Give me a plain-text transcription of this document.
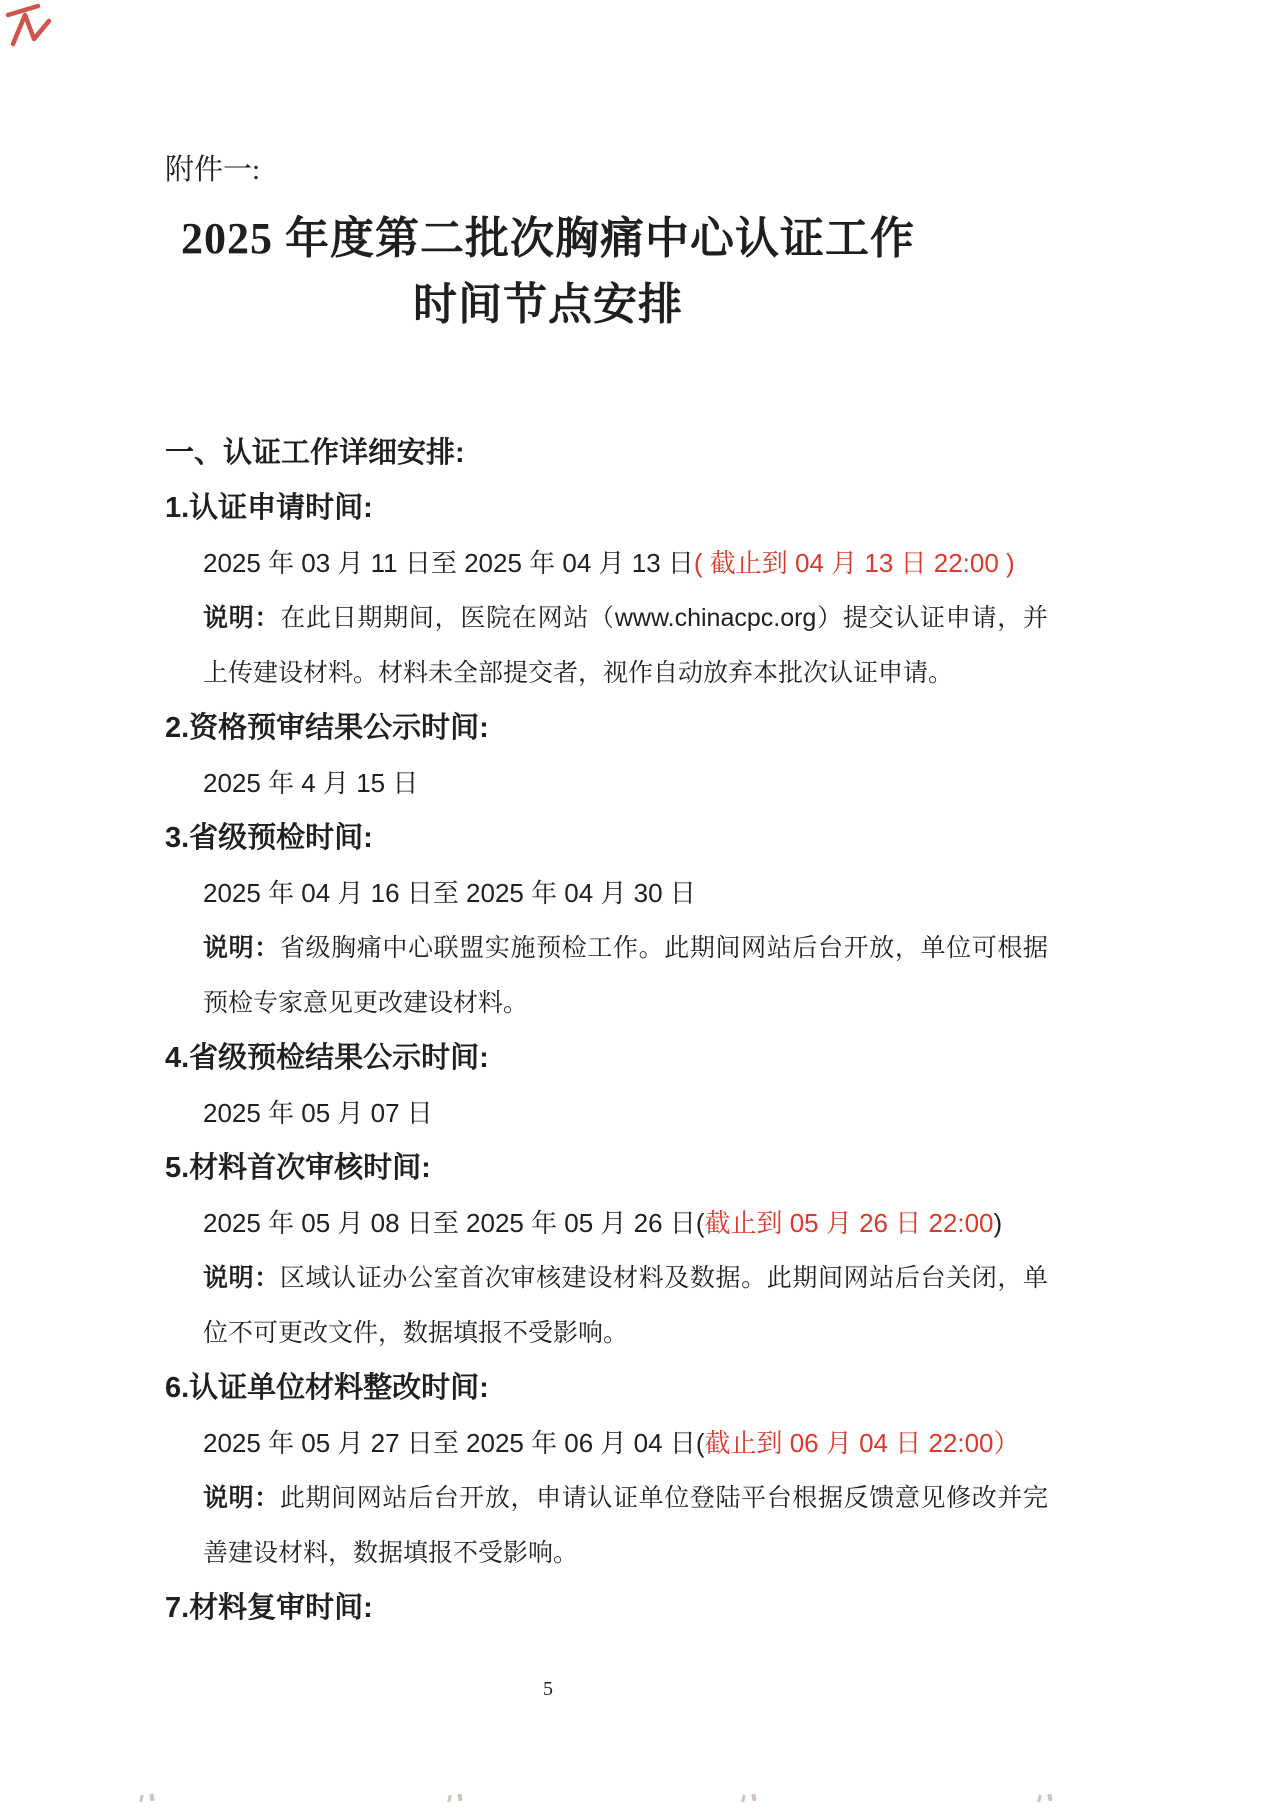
附件一:
2025 年度第二批次胸痛中心认证工作
时间节点安排
一、认证工作详细安排:
1.认证申请时间:
2025 年 03 月 11 日至 2025 年 04 月 13 日( 截止到 04 月 13 日 22:00 )

说明：在此日期期间，医院在网站（www.chinacpc.org）提交认证申请，并上传建设材料。材料未全部提交者，视作自动放弃本批次认证申请。

2.资格预审结果公示时间:
2025 年 4 月 15 日
3.省级预检时间:
2025 年 04 月 16 日至 2025 年 04 月 30 日

说明：省级胸痛中心联盟实施预检工作。此期间网站后台开放，单位可根据预检专家意见更改建设材料。

4.省级预检结果公示时间:
2025 年 05 月 07 日
5.材料首次审核时间:
2025 年 05 月 08 日至 2025 年 05 月 26 日(截止到 05 月 26 日 22:00)

说明：区域认证办公室首次审核建设材料及数据。此期间网站后台关闭，单位不可更改文件，数据填报不受影响。

6.认证单位材料整改时间:
2025 年 05 月 27 日至 2025 年 06 月 04 日(截止到 06 月 04 日 22:00）

说明：此期间网站后台开放，申请认证单位登陆平台根据反馈意见修改并完善建设材料，数据填报不受影响。

7.材料复审时间:
5
